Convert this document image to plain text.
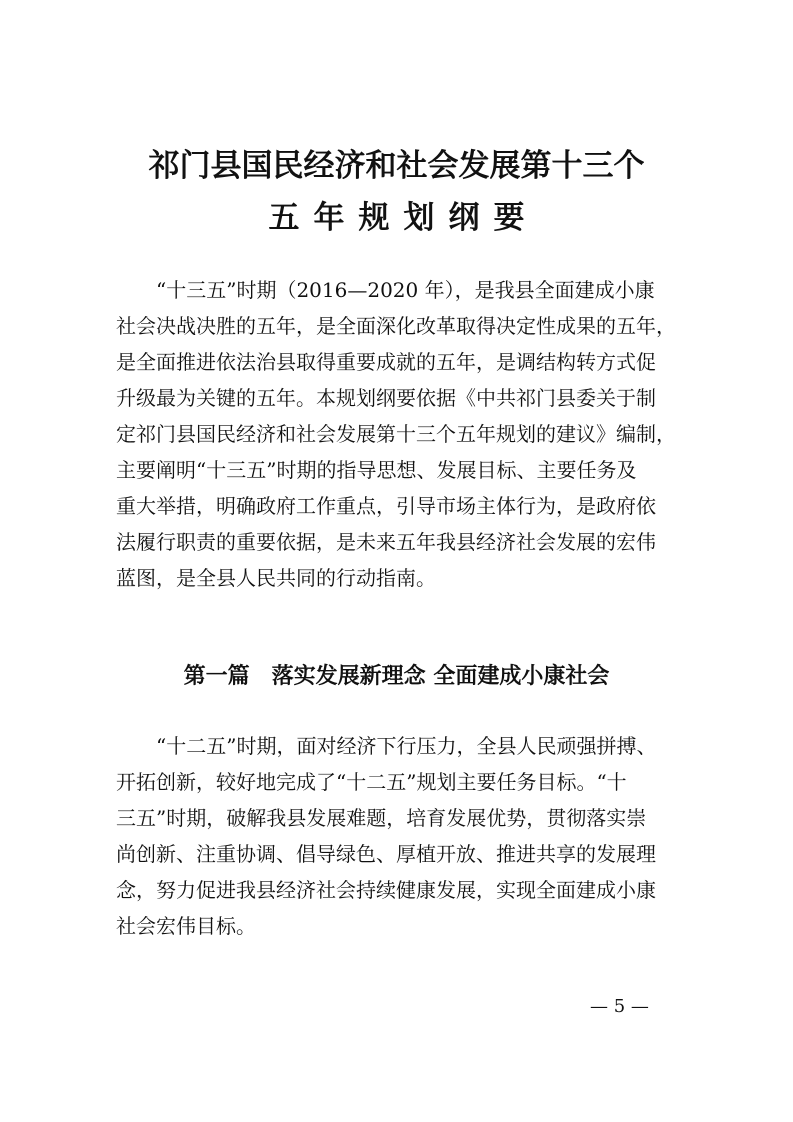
祁门县国民经济和社会发展第十三个
五年规划纲要
　　“十三五”时期（2016—2020 年），是我县全面建成小康
社会决战决胜的五年，是全面深化改革取得决定性成果的五年，
是全面推进依法治县取得重要成就的五年，是调结构转方式促
升级最为关键的五年。本规划纲要依据《中共祁门县委关于制
定祁门县国民经济和社会发展第十三个五年规划的建议》编制，
主要阐明“十三五”时期的指导思想、发展目标、主要任务及
重大举措，明确政府工作重点，引导市场主体行为，是政府依
法履行职责的重要依据，是未来五年我县经济社会发展的宏伟
蓝图，是全县人民共同的行动指南。
第一篇　落实发展新理念 全面建成小康社会
　　“十二五”时期，面对经济下行压力，全县人民顽强拼搏、
开拓创新，较好地完成了“十二五”规划主要任务目标。“十
三五”时期，破解我县发展难题，培育发展优势，贯彻落实崇
尚创新、注重协调、倡导绿色、厚植开放、推进共享的发展理
念，努力促进我县经济社会持续健康发展，实现全面建成小康
社会宏伟目标。
— 5 —
